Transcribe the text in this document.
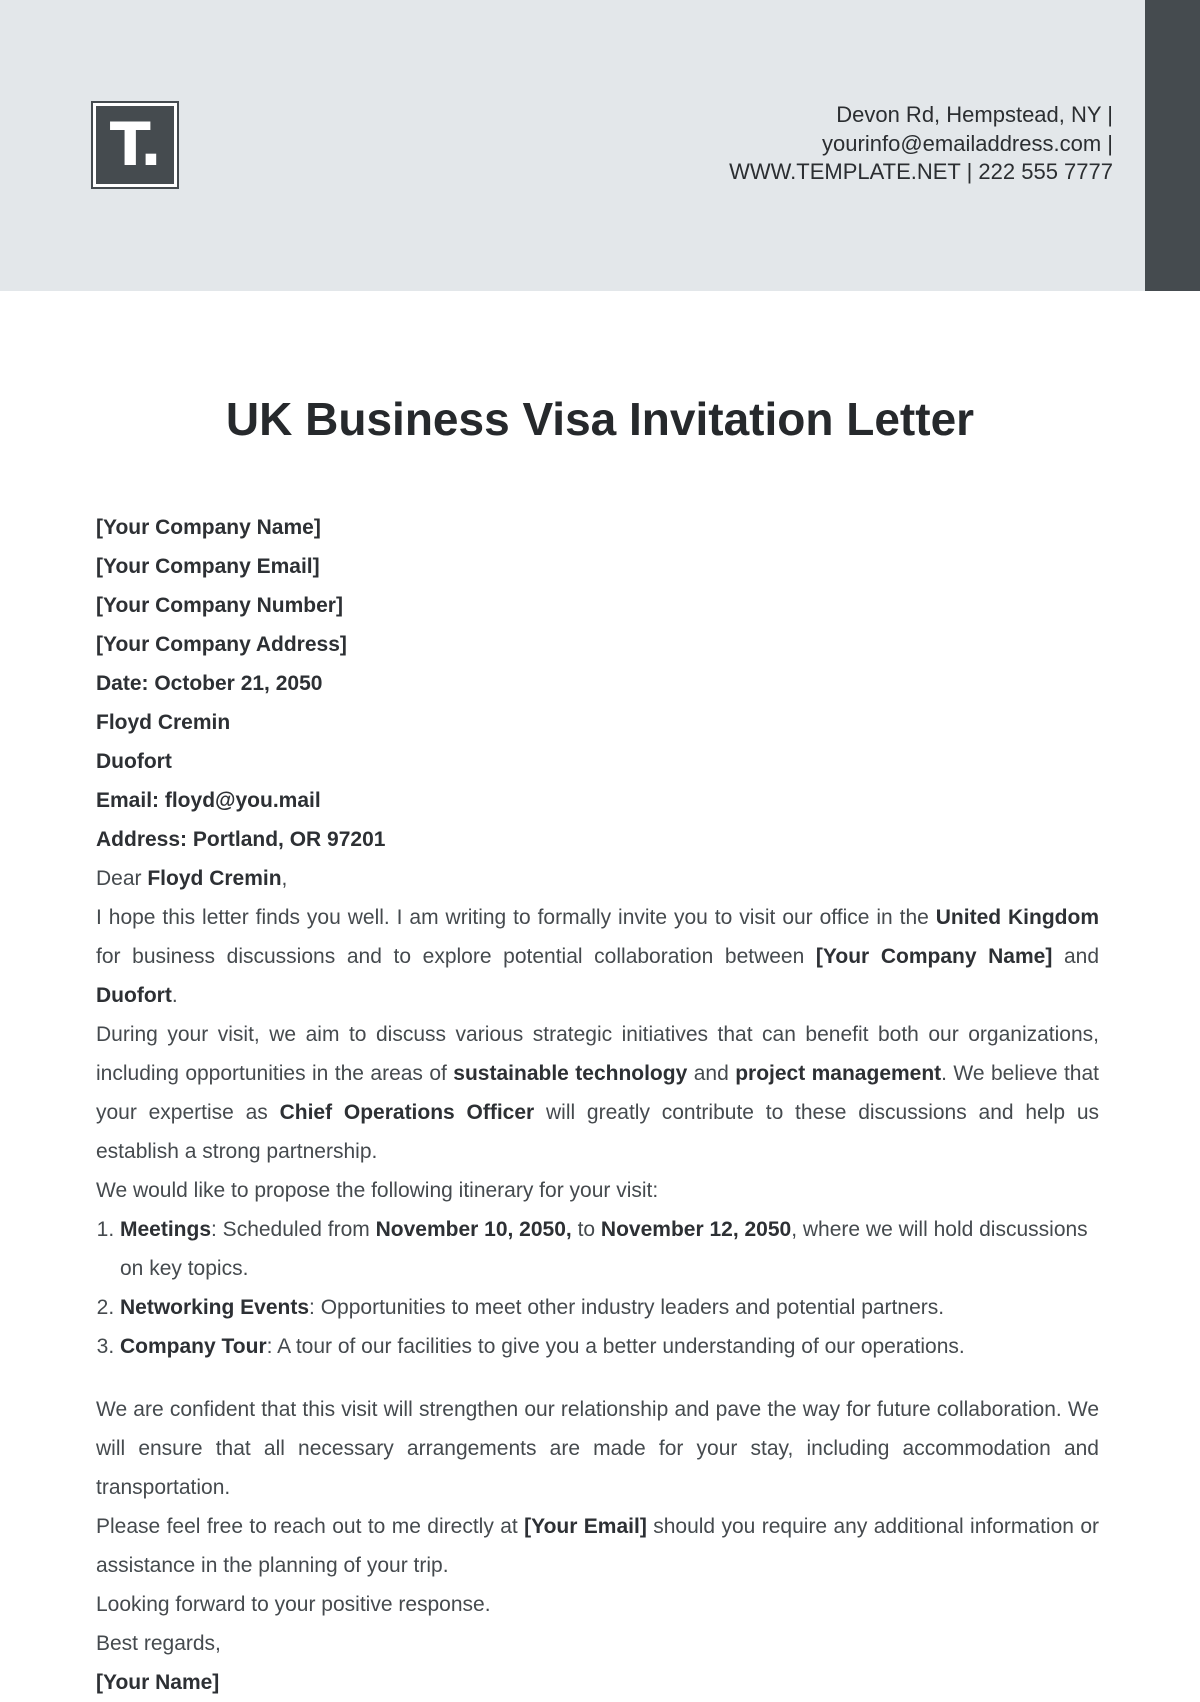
T.	Devon Rd, Hempstead, NY |
yourinfo@emailaddress.com |
WWW.TEMPLATE.NET | 222 555 7777
UK Business Visa Invitation Letter

[Your Company Name]

[Your Company Email]

[Your Company Number]

[Your Company Address]

Date: October 21, 2050

Floyd Cremin

Duofort

Email: floyd@you.mail

Address: Portland, OR 97201

Dear Floyd Cremin,

I hope this letter finds you well. I am writing to formally invite you to visit our office in the United Kingdom for business discussions and to explore potential collaboration between [Your Company Name] and Duofort.

During your visit, we aim to discuss various strategic initiatives that can benefit both our organizations, including opportunities in the areas of sustainable technology and project management. We believe that your expertise as Chief Operations Officer will greatly contribute to these discussions and help us establish a strong partnership.

We would like to propose the following itinerary for your visit:

1. Meetings: Scheduled from November 10, 2050, to November 12, 2050, where we will hold discussions on key topics.
2. Networking Events: Opportunities to meet other industry leaders and potential partners.
3. Company Tour: A tour of our facilities to give you a better understanding of our operations.

We are confident that this visit will strengthen our relationship and pave the way for future collaboration. We will ensure that all necessary arrangements are made for your stay, including accommodation and transportation.

Please feel free to reach out to me directly at [Your Email] should you require any additional information or assistance in the planning of your trip.

Looking forward to your positive response.

Best regards,

[Your Name]
